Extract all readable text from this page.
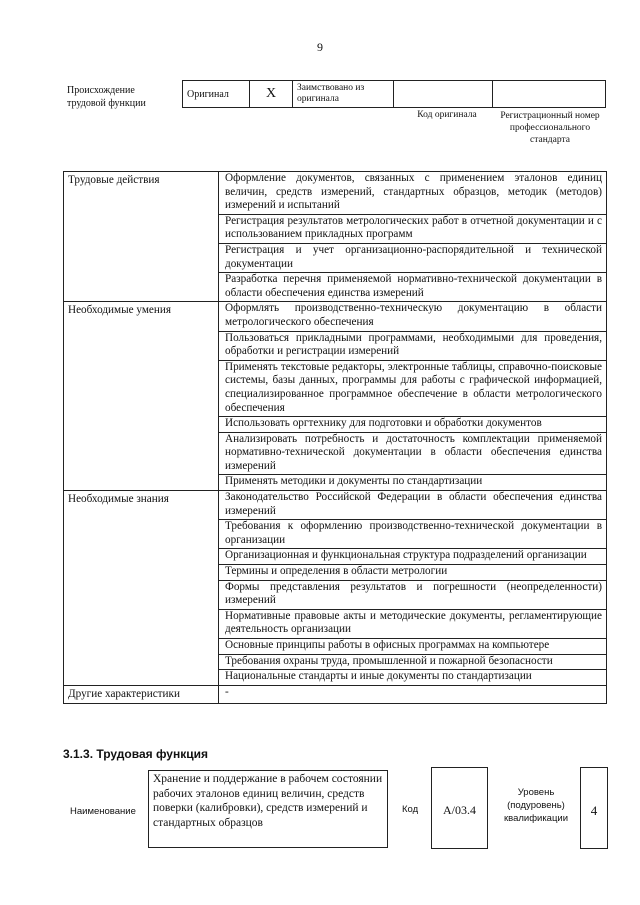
9
Происхождение трудовой функции
Оригинал	X	Заимствовано из оригинала		
Код оригинала	Регистрационный номер профессионального стандарта
Трудовые действия	Оформление документов, связанных с применением эталонов единиц величин, средств измерений, стандартных образцов, методик (методов) измерений и испытаний
	Регистрация результатов метрологических работ в отчетной документации и с использованием прикладных программ
	Регистрация и учет организационно-распорядительной и технической документации
	Разработка перечня применяемой нормативно-технической документации в области обеспечения единства измерений
Необходимые умения	Оформлять производственно-техническую документацию в области метрологического обеспечения
	Пользоваться прикладными программами, необходимыми для проведения, обработки и регистрации измерений
	Применять текстовые редакторы, электронные таблицы, справочно-поисковые системы, базы данных, программы для работы с графической информацией, специализированное программное обеспечение в области метрологического обеспечения
	Использовать оргтехнику для подготовки и обработки документов
	Анализировать потребность и достаточность комплектации применяемой нормативно-технической документации в области обеспечения единства измерений
	Применять методики и документы по стандартизации
Необходимые знания	Законодательство Российской Федерации в области обеспечения единства измерений
	Требования к оформлению производственно-технической документации в организации
	Организационная и функциональная структура подразделений организации
	Термины и определения в области метрологии
	Формы представления результатов и погрешности (неопределенности) измерений
	Нормативные правовые акты и методические документы, регламентирующие деятельность организации
	Основные принципы работы в офисных программах на компьютере
	Требования охраны труда, промышленной и пожарной безопасности
	Национальные стандарты и иные документы по стандартизации
Другие характеристики	-
3.1.3. Трудовая функция
Наименование
Хранение и поддержание в рабочем состоянии рабочих эталонов единиц величин, средств поверки (калибровки), средств измерений и стандартных образцов
Код	A/03.4
Уровень (подуровень) квалификации
4
